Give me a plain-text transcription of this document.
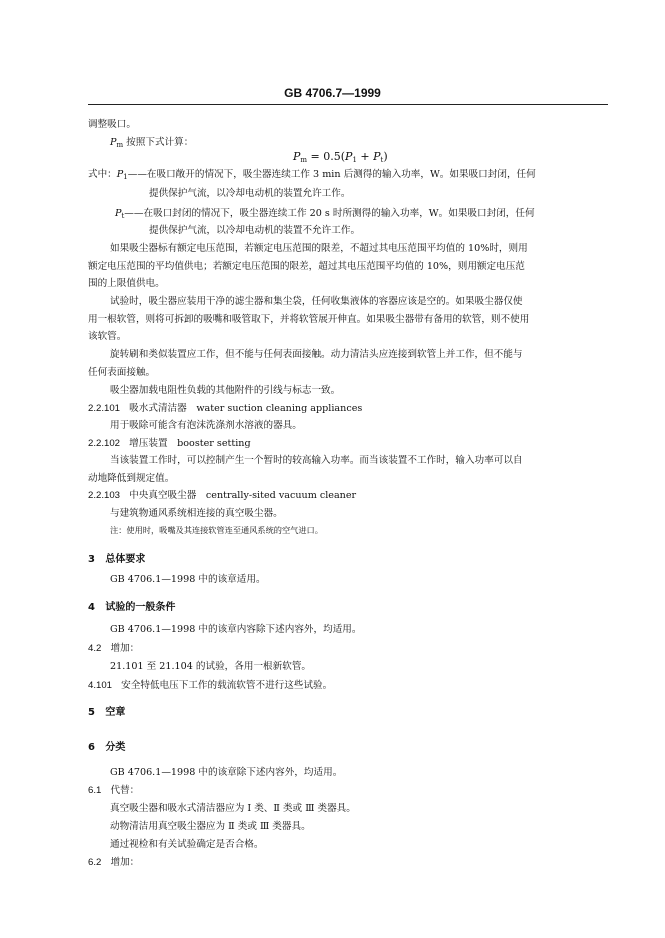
GB 4706.7—1999
调整吸口。
$P_m$ 按照下式计算：
$P_m = 0.5(P_1 + P_t)$
式中：$P_1——$在吸口敞开的情况下，吸尘器连续工作 3 min 后测得的输入功率，W。如果吸口封闭，任何
提供保护气流，以冷却电动机的装置允许工作。
$P_t——$在吸口封闭的情况下，吸尘器连续工作 20 s 时所测得的输入功率，W。如果吸口封闭，任何
提供保护气流，以冷却电动机的装置不允许工作。
如果吸尘器标有额定电压范围，若额定电压范围的限差，不超过其电压范围平均值的 10%时，则用
额定电压范围的平均值供电；若额定电压范围的限差，超过其电压范围平均值的 10%，则用额定电压范
围的上限值供电。
试验时，吸尘器应装用干净的滤尘器和集尘袋，任何收集液体的容器应该是空的。如果吸尘器仅使
用一根软管，则将可拆卸的吸嘴和吸管取下，并将软管展开伸直。如果吸尘器带有备用的软管，则不使用
该软管。
旋转刷和类似装置应工作，但不能与任何表面接触。动力清洁头应连接到软管上并工作，但不能与
任何表面接触。
吸尘器加载电阻性负载的其他附件的引线与标志一致。
2.2.101 吸水式清洁器　water suction cleaning appliances
用于吸除可能含有泡沫洗涤剂水溶液的器具。
2.2.102 增压装置　booster setting
当该装置工作时，可以控制产生一个暂时的较高输入功率。而当该装置不工作时，输入功率可以自
动地降低到规定值。
2.2.103 中央真空吸尘器　centrally-sited vacuum cleaner
与建筑物通风系统相连接的真空吸尘器。
注：使用时，吸嘴及其连接软管连至通风系统的空气进口。
3 总体要求
GB 4706.1—1998 中的该章适用。
4 试验的一般条件
GB 4706.1—1998 中的该章内容除下述内容外，均适用。
4.2 增加：
21.101 至 21.104 的试验，各用一根新软管。
4.101 安全特低电压下工作的载流软管不进行这些试验。
5 空章
6 分类
GB 4706.1—1998 中的该章除下述内容外，均适用。
6.1 代替：
真空吸尘器和吸水式清洁器应为 Ⅰ 类、Ⅱ 类或 Ⅲ 类器具。
动物清洁用真空吸尘器应为 Ⅱ 类或 Ⅲ 类器具。
通过视检和有关试验确定是否合格。
6.2 增加：
